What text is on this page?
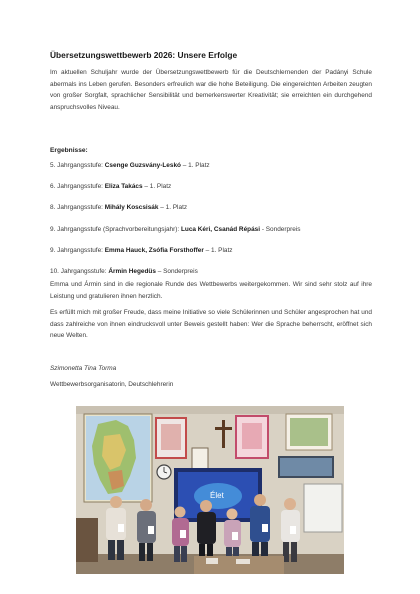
Übersetzungswettbewerb 2026: Unsere Erfolge
Im aktuellen Schuljahr wurde der Übersetzungswettbewerb für die Deutschlernenden der Padányi Schule abermals ins Leben gerufen. Besonders erfreulich war die hohe Beteiligung. Die eingereichten Arbeiten zeugten von großer Sorgfalt, sprachlicher Sensibilität und bemerkenswerter Kreativität; sie erreichten ein durchgehend anspruchsvolles Niveau.
Ergebnisse:
5. Jahrgangsstufe: Csenge Guzsvány-Leskó – 1. Platz
6. Jahrgangsstufe: Eliza Takács – 1. Platz
8. Jahrgangsstufe: Mihály Koscsisák – 1. Platz
9. Jahrgangsstufe (Sprachvorbereitungsjahr): Luca Kéri, Csanád Répási - Sonderpreis
9. Jahrgangsstufe: Emma Hauck, Zsófia Forsthoffer – 1. Platz
10. Jahrgangsstufe: Ármin Hegedüs – Sonderpreis
Emma und Ármin sind in die regionale Runde des Wettbewerbs weitergekommen. Wir sind sehr stolz auf ihre Leistung und gratulieren ihnen herzlich.
Es erfüllt mich mit großer Freude, dass meine Initiative so viele Schülerinnen und Schüler angesprochen hat und dass zahlreiche von ihnen eindrucksvoll unter Beweis gestellt haben: Wer die Sprache beherrscht, eröffnet sich neue Welten.
Szimonetta Tina Torma
Wettbewerbsorganisatorin, Deutschlehrerin
Élet
